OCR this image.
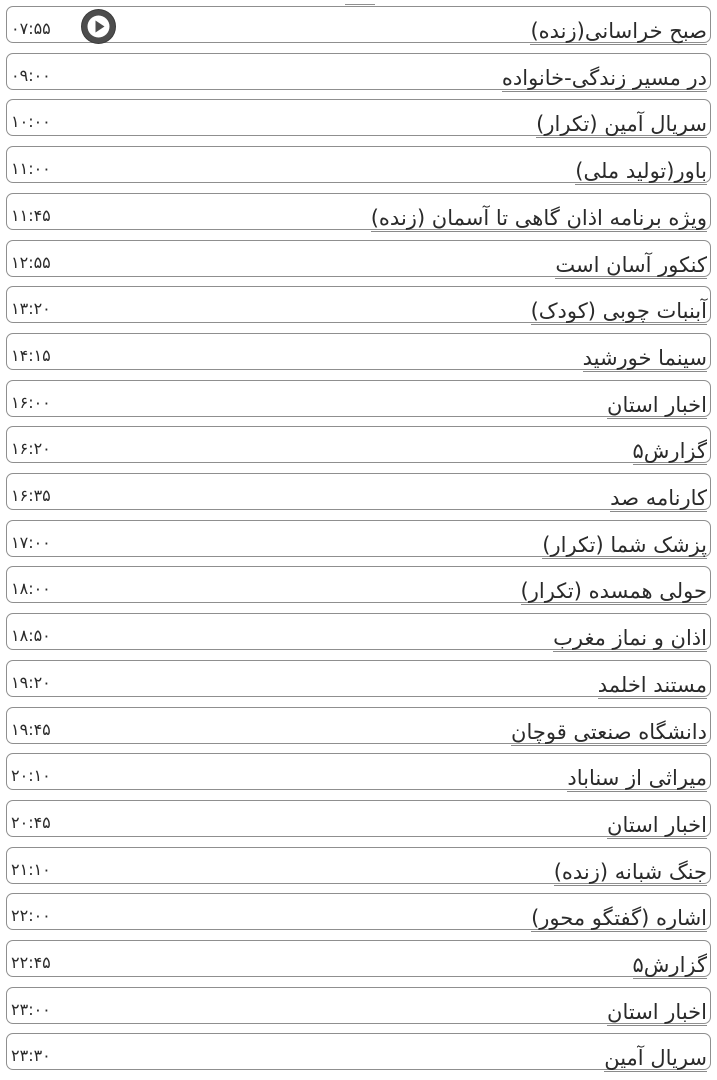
صبح خراسانی(زنده)
۰۷:۵۵
در مسیر زندگی-خانواده
۰۹:۰۰
سریال آمین (تکرار)
۱۰:۰۰
باور(تولید ملی)
۱۱:۰۰
ویژه برنامه اذان گاهی تا آسمان (زنده)
۱۱:۴۵
کنکور آسان است
۱۲:۵۵
آبنبات چوبی (کودک)
۱۳:۲۰
سینما خورشید
۱۴:۱۵
اخبار استان
۱۶:۰۰
گزارش۵
۱۶:۲۰
کارنامه صد
۱۶:۳۵
پزشک شما (تکرار)
۱۷:۰۰
حولی همسده (تکرار)
۱۸:۰۰
اذان و نماز مغرب
۱۸:۵۰
مستند اخلمد
۱۹:۲۰
دانشگاه صنعتی قوچان
۱۹:۴۵
میراثی از سناباد
۲۰:۱۰
اخبار استان
۲۰:۴۵
جنگ شبانه (زنده)
۲۱:۱۰
اشاره (گفتگو محور)
۲۲:۰۰
گزارش۵
۲۲:۴۵
اخبار استان
۲۳:۰۰
سریال آمین
۲۳:۳۰
